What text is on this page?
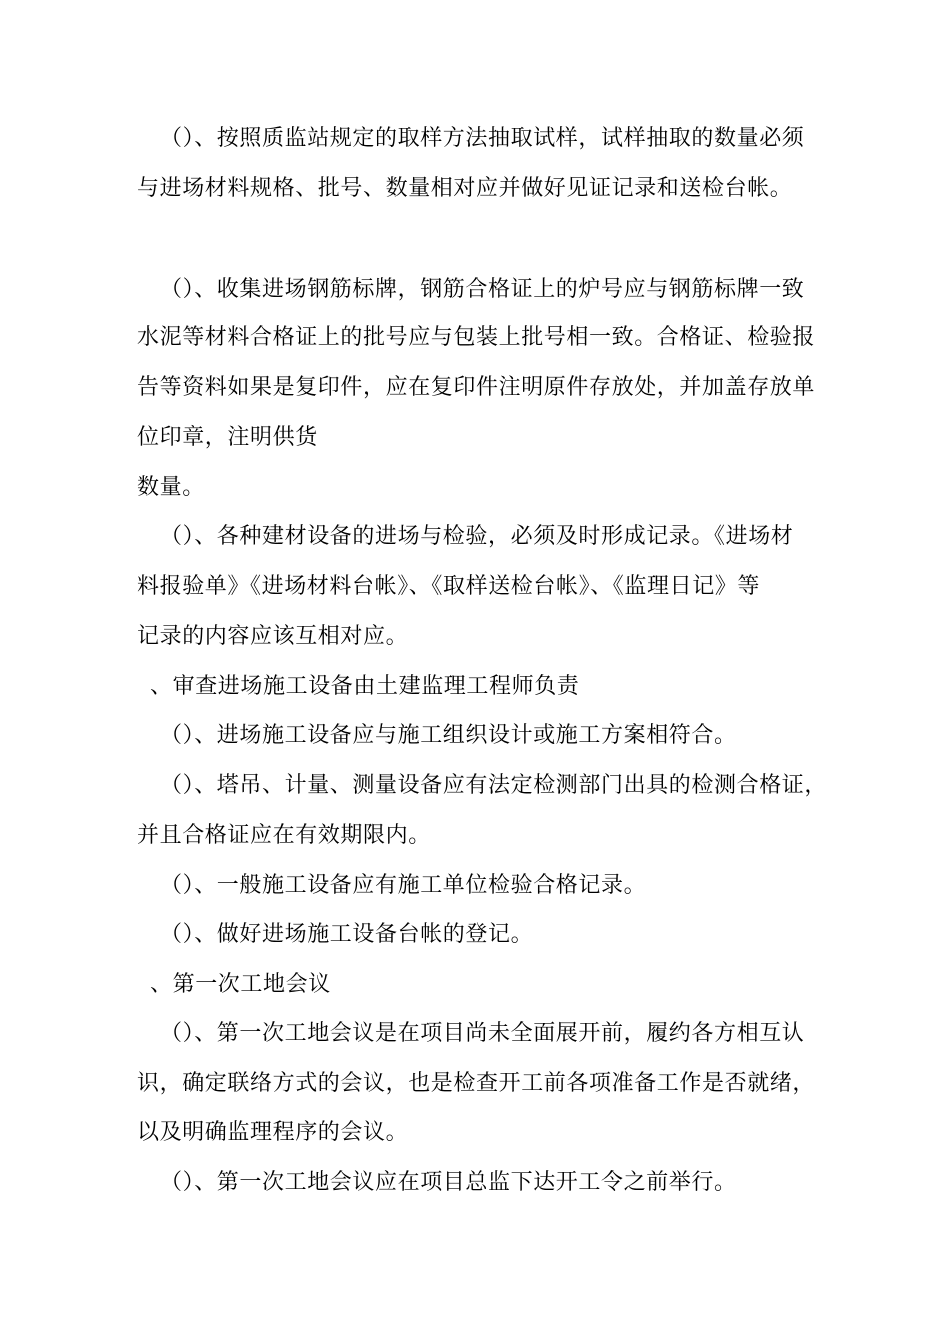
（）、按照质监站规定的取样方法抽取试样，试样抽取的数量必须
与进场材料规格、批号、数量相对应并做好见证记录和送检台帐。
（）、收集进场钢筋标牌，钢筋合格证上的炉号应与钢筋标牌一致
水泥等材料合格证上的批号应与包装上批号相一致。合格证、检验报
告等资料如果是复印件，应在复印件注明原件存放处，并加盖存放单
位印章，注明供货
数量。
（）、各种建材设备的进场与检验，必须及时形成记录。《进场材
料报验单》《进场材料台帐》、《取样送检台帐》、《监理日记》等
记录的内容应该互相对应。
、审查进场施工设备由土建监理工程师负责
（）、进场施工设备应与施工组织设计或施工方案相符合。
（）、塔吊、计量、测量设备应有法定检测部门出具的检测合格证，
并且合格证应在有效期限内。
（）、一般施工设备应有施工单位检验合格记录。
（）、做好进场施工设备台帐的登记。
、第一次工地会议
（）、第一次工地会议是在项目尚未全面展开前，履约各方相互认
识，确定联络方式的会议，也是检查开工前各项准备工作是否就绪，
以及明确监理程序的会议。
（）、第一次工地会议应在项目总监下达开工令之前举行。
